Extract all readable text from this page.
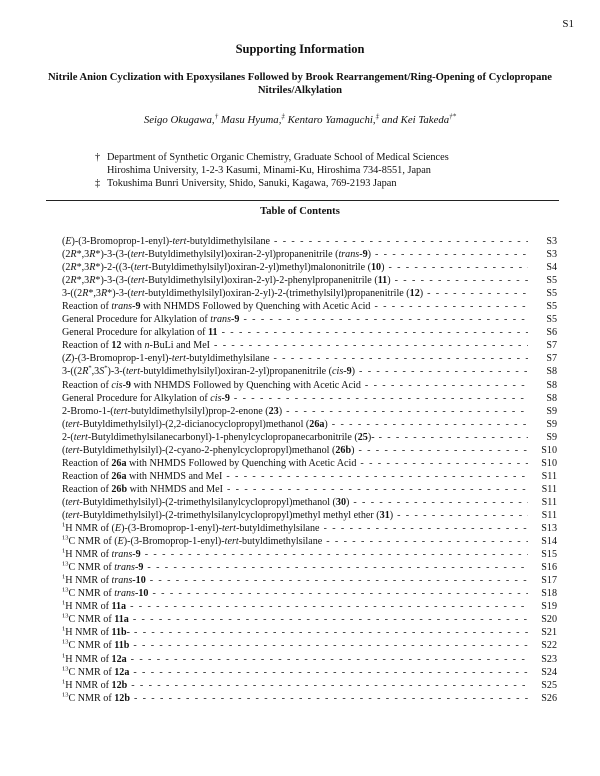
S1
Supporting Information
Nitrile Anion Cyclization with Epoxysilanes Followed by Brook Rearrangement/Ring-Opening of Cyclopropane Nitriles/Alkylation
Seigo Okugawa,† Masu Hyuma,‡ Kentaro Yamaguchi,‡ and Kei Takeda†*
† Department of Synthetic Organic Chemistry, Graduate School of Medical Sciences
Hiroshima University, 1-2-3 Kasumi, Minami-Ku, Hiroshima 734-8551, Japan
‡ Tokushima Bunri University, Shido, Sanuki, Kagawa, 769-2193 Japan
Table of Contents
(E)-(3-Bromoprop-1-enyl)-tert-butyldimethylsilane - - -	S3
(2R*,3R*)-3-(3-(tert-Butyldimethylsilyl)oxiran-2-yl)propanenitrile (trans-9) - - -	S3
(2R*,3R*)-2-((3-(tert-Butyldimethylsilyl)oxiran-2-yl)methyl)malononitrile (10) - - -	S4
(2R*,3R*)-3-(3-(tert-Butyldimethylsilyl)oxiran-2-yl)-2-phenylpropanenitrile (11) - - -	S5
3-((2R*,3R*)-3-(tert-butyldimethylsilyl)oxiran-2-yl)-2-(trimethylsilyl)propanenitrile (12) - - -	S5
Reaction of trans-9 with NHMDS Followed by Quenching with Acetic Acid - - -	S5
General Procedure for Alkylation of trans-9 - - -	S5
General Procedure for alkylation of 11 - - -	S6
Reaction of 12 with n-BuLi and MeI - - -	S7
(Z)-(3-Bromoprop-1-enyl)-tert-butyldimethylsilane - - -	S7
3-((2R*,3S*)-3-(tert-butyldimethylsilyl)oxiran-2-yl)propanenitrile (cis-9) - - -	S8
Reaction of cis-9 with NHMDS Followed by Quenching with Acetic Acid - - -	S8
General Procedure for Alkylation of cis-9 - - -	S8
2-Bromo-1-(tert-butyldimethylsilyl)prop-2-enone (23) - - -	S9
(tert-Butyldimethylsilyl)-(2,2-dicianocyclopropyl)methanol (26a) - - -	S9
2-(tert-Butyldimethylsilanecarbonyl)-1-phenylcyclopropanecarbonitrile (25)- - - -	S9
(tert-Butyldimethylsilyl)-(2-cyano-2-phenylcyclopropyl)methanol (26b) - - -	S10
Reaction of 26a with NHMDS Followed by Quenching with Acetic Acid - - -	S10
Reaction of 26a with NHMDS and MeI - - -	S11
Reaction of 26b with NHMDS and MeI - - -	S11
(tert-Butyldimethylsilyl)-(2-trimethylsilanylcyclopropyl)methanol (30) - - -	S11
(tert-Butyldimethylsilyl)-(2-trimethylsilanylcyclopropyl)methyl methyl ether (31) - - -	S11
$^1$H NMR of (E)-(3-Bromoprop-1-enyl)-tert-butyldimethylsilane - - -	S13
$^{13}$C NMR of (E)-(3-Bromoprop-1-enyl)-tert-butyldimethylsilane - - -	S14
$^1$H NMR of trans-9 - - -	S15
$^{13}$C NMR of trans-9 - - -	S16
$^1$H NMR of trans-10 - - -	S17
$^{13}$C NMR of trans-10 - - -	S18
$^1$H NMR of 11a - - -	S19
$^{13}$C NMR of 11a - - -	S20
$^1$H NMR of 11b- - - -	S21
$^{13}$C NMR of 11b - - -	S22
$^1$H NMR of 12a - - -	S23
$^{13}$C NMR of 12a - - -	S24
$^1$H NMR of 12b - - -	S25
$^{13}$C NMR of 12b - - -	S26
